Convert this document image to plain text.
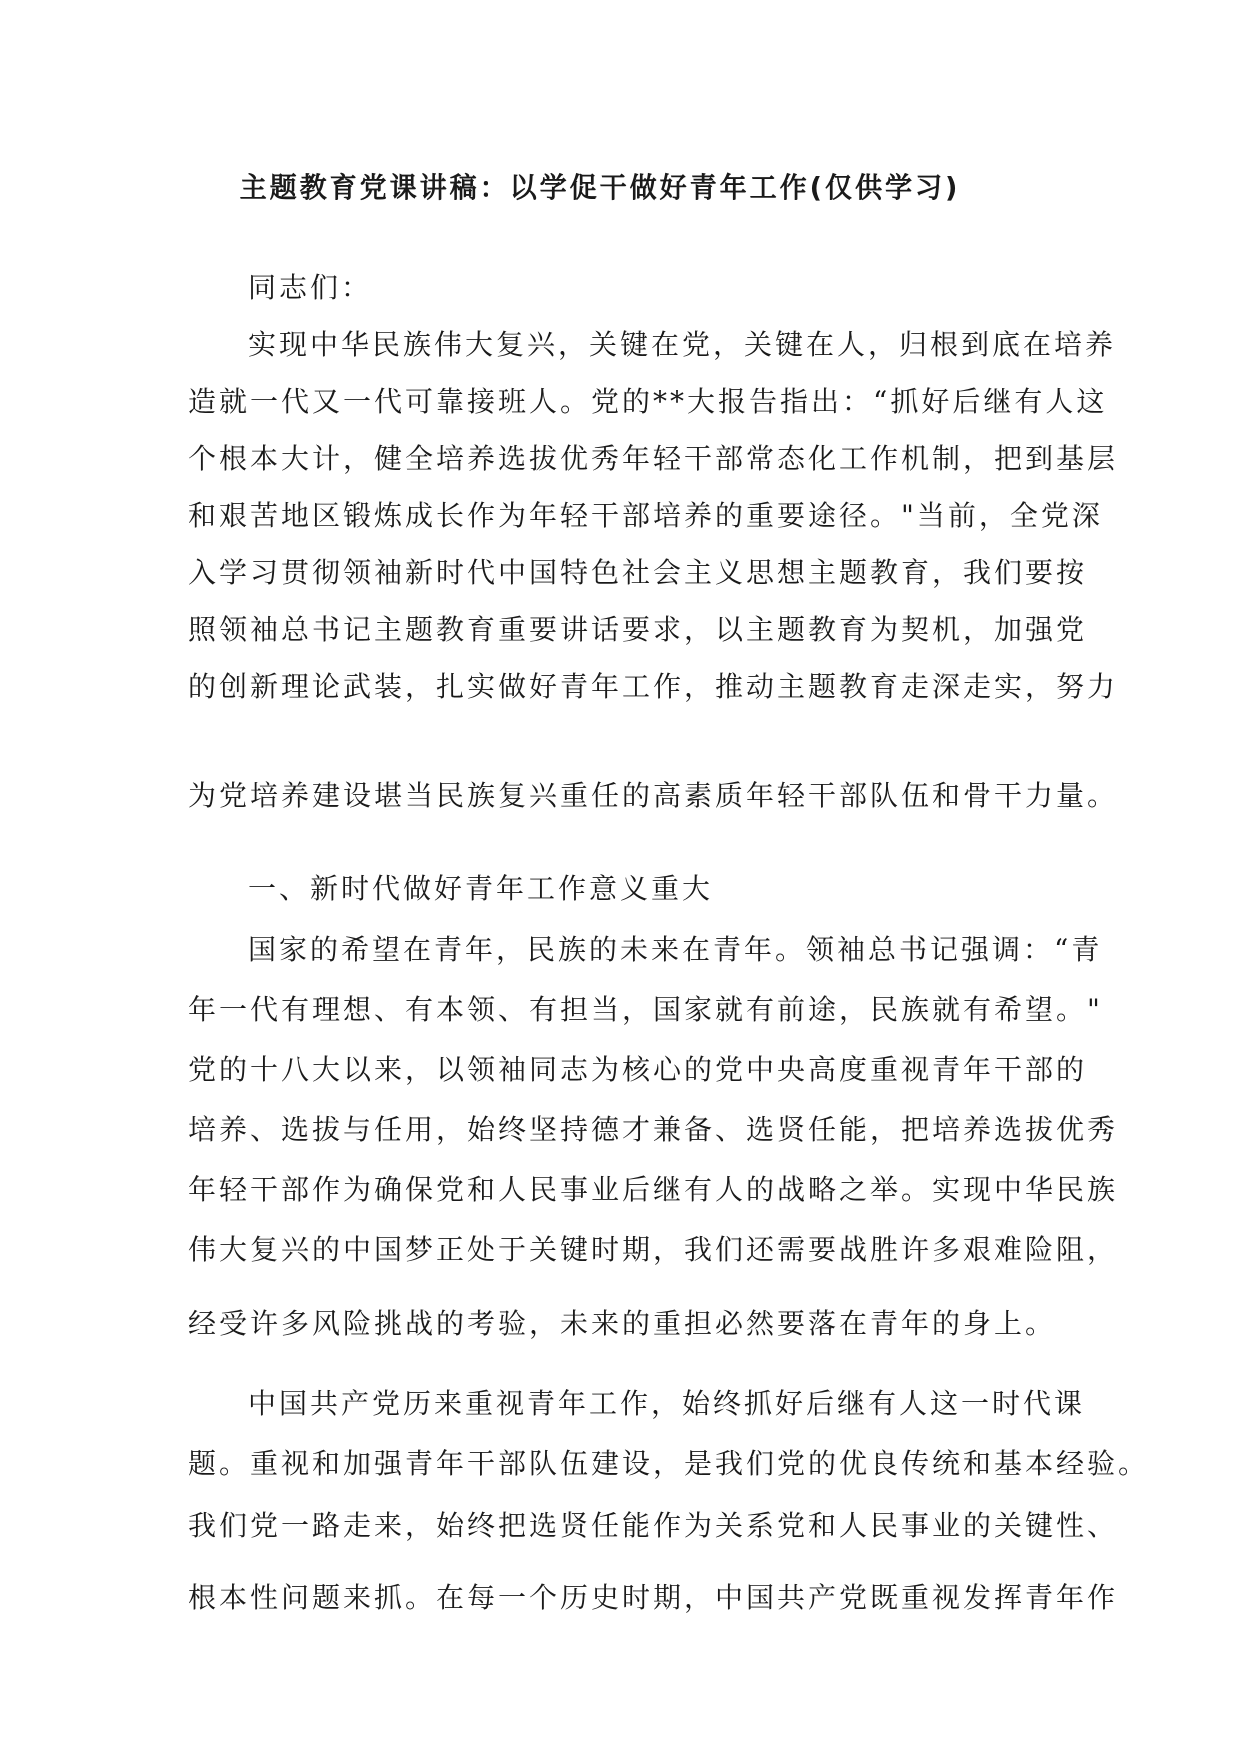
主题教育党课讲稿：以学促干做好青年工作(仅供学习)
同志们：
实现中华民族伟大复兴，关键在党，关键在人，归根到底在培养
造就一代又一代可靠接班人。党的**大报告指出：“抓好后继有人这
个根本大计，健全培养选拔优秀年轻干部常态化工作机制，把到基层
和艰苦地区锻炼成长作为年轻干部培养的重要途径。"当前，全党深
入学习贯彻领袖新时代中国特色社会主义思想主题教育，我们要按
照领袖总书记主题教育重要讲话要求，以主题教育为契机，加强党
的创新理论武装，扎实做好青年工作，推动主题教育走深走实，努力
为党培养建设堪当民族复兴重任的高素质年轻干部队伍和骨干力量。
一、新时代做好青年工作意义重大
国家的希望在青年，民族的未来在青年。领袖总书记强调：“青
年一代有理想、有本领、有担当，国家就有前途，民族就有希望。"
党的十八大以来，以领袖同志为核心的党中央高度重视青年干部的
培养、选拔与任用，始终坚持德才兼备、选贤任能，把培养选拔优秀
年轻干部作为确保党和人民事业后继有人的战略之举。实现中华民族
伟大复兴的中国梦正处于关键时期，我们还需要战胜许多艰难险阻，
经受许多风险挑战的考验，未来的重担必然要落在青年的身上。
中国共产党历来重视青年工作，始终抓好后继有人这一时代课
题。重视和加强青年干部队伍建设，是我们党的优良传统和基本经验。
我们党一路走来，始终把选贤任能作为关系党和人民事业的关键性、
根本性问题来抓。在每一个历史时期，中国共产党既重视发挥青年作
